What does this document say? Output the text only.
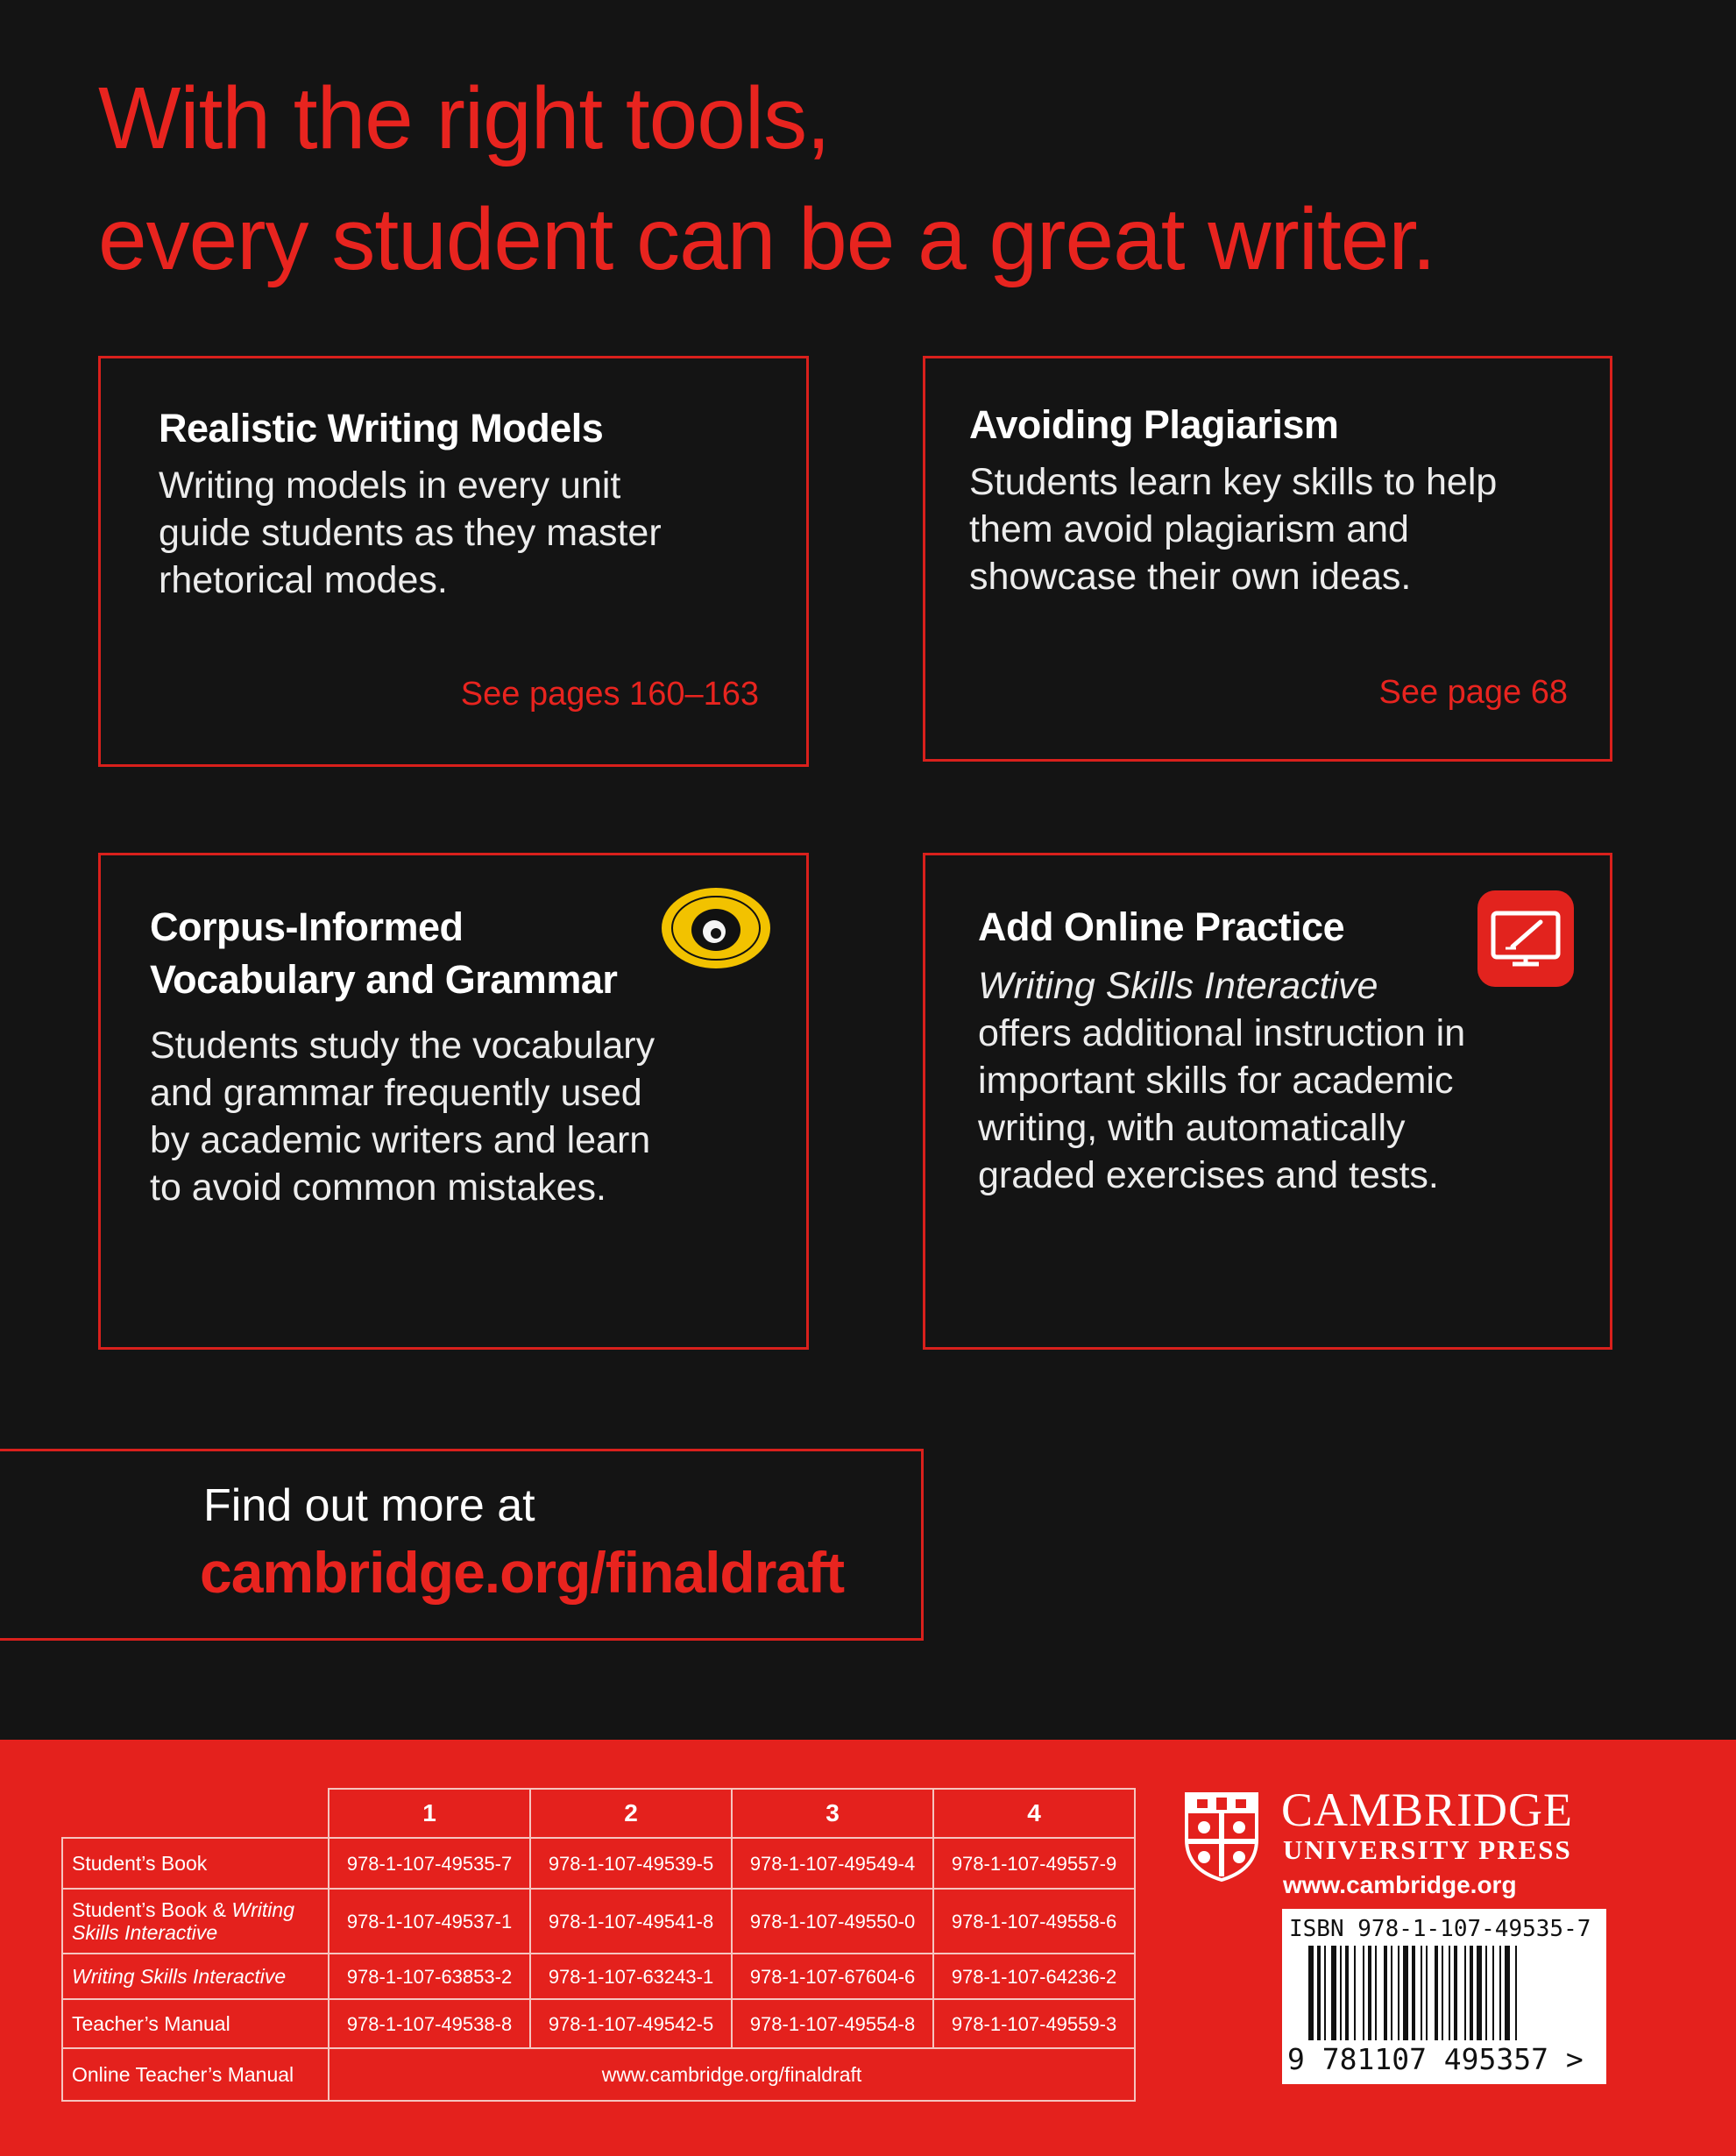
With the right tools,
every student can be a great writer.
Realistic Writing Models

Writing models in every unit
guide students as they master
rhetorical modes.

See pages 160–163
Avoiding Plagiarism

Students learn key skills to help
them avoid plagiarism and
showcase their own ideas.

See page 68
Corpus-Informed
Vocabulary and Grammar

Students study the vocabulary
and grammar frequently used
by academic writers and learn
to avoid common mistakes.

Add Online Practice

Writing Skills Interactive
offers additional instruction in
important skills for academic
writing, with automatically
graded exercises and tests.

Find out more at
cambridge.org/finaldraft
	1	2	3	4
Student’s Book	978-1-107-49535-7	978-1-107-49539-5	978-1-107-49549-4	978-1-107-49557-9
Student’s Book & Writing
Skills Interactive	978-1-107-49537-1	978-1-107-49541-8	978-1-107-49550-0	978-1-107-49558-6
Writing Skills Interactive	978-1-107-63853-2	978-1-107-63243-1	978-1-107-67604-6	978-1-107-64236-2
Teacher’s Manual	978-1-107-49538-8	978-1-107-49542-5	978-1-107-49554-8	978-1-107-49559-3
Online Teacher’s Manual	www.cambridge.org/finaldraft			
CAMBRIDGE
UNIVERSITY PRESS
www.cambridge.org
ISBN 978-1-107-49535-7
9 781107 495357 >
